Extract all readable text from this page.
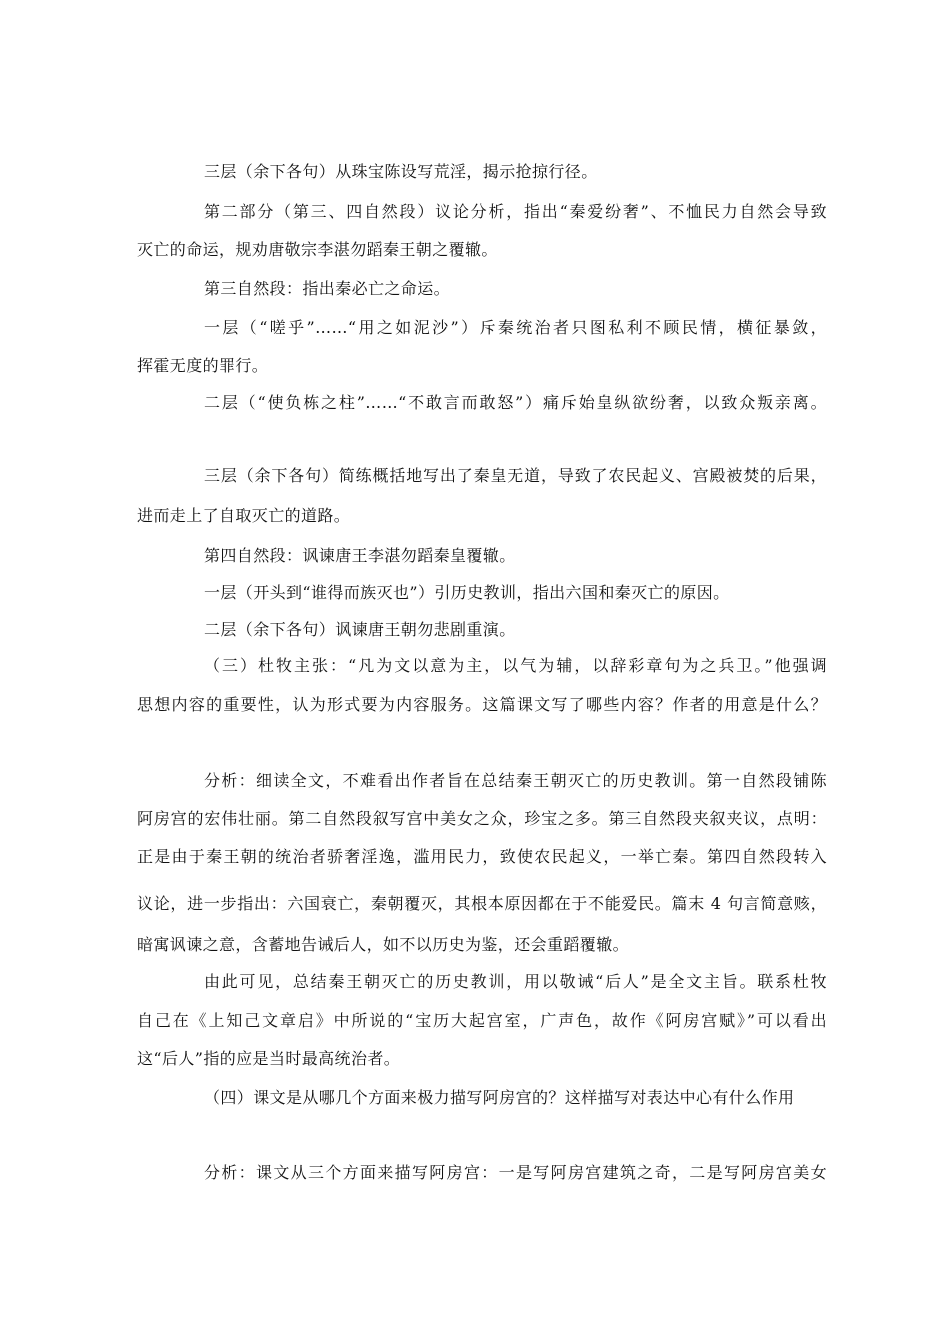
三层（余下各句）从珠宝陈设写荒淫，揭示抢掠行径。
第二部分（第三、四自然段）议论分析，指出“秦爱纷奢”、不恤民力自然会导致
灭亡的命运，规劝唐敬宗李湛勿蹈秦王朝之覆辙。
第三自然段：指出秦必亡之命运。
一层（“嗟乎”……“用之如泥沙”）斥秦统治者只图私利不顾民情，横征暴敛，
挥霍无度的罪行。
二层（“使负栋之柱”……“不敢言而敢怒”）痛斥始皇纵欲纷奢，以致众叛亲离。
三层（余下各句）简练概括地写出了秦皇无道，导致了农民起义、宫殿被焚的后果，
进而走上了自取灭亡的道路。
第四自然段：讽谏唐王李湛勿蹈秦皇覆辙。
一层（开头到“谁得而族灭也”）引历史教训，指出六国和秦灭亡的原因。
二层（余下各句）讽谏唐王朝勿悲剧重演。
（三）杜牧主张：“凡为文以意为主，以气为辅，以辞彩章句为之兵卫。”他强调
思想内容的重要性，认为形式要为内容服务。这篇课文写了哪些内容？作者的用意是什么？
分析：细读全文，不难看出作者旨在总结秦王朝灭亡的历史教训。第一自然段铺陈
阿房宫的宏伟壮丽。第二自然段叙写宫中美女之众，珍宝之多。第三自然段夹叙夹议，点明：
正是由于秦王朝的统治者骄奢淫逸，滥用民力，致使农民起义，一举亡秦。第四自然段转入
议论，进一步指出：六国衰亡，秦朝覆灭，其根本原因都在于不能爱民。篇末 4 句言简意赅，
暗寓讽谏之意，含蓄地告诫后人，如不以历史为鉴，还会重蹈覆辙。
由此可见，总结秦王朝灭亡的历史教训，用以敬诫“后人”是全文主旨。联系杜牧
自己在《上知己文章启》中所说的“宝历大起宫室，广声色，故作《阿房宫赋》”可以看出
这“后人”指的应是当时最高统治者。
（四）课文是从哪几个方面来极力描写阿房宫的？这样描写对表达中心有什么作用
分析：课文从三个方面来描写阿房宫：一是写阿房宫建筑之奇，二是写阿房宫美女
